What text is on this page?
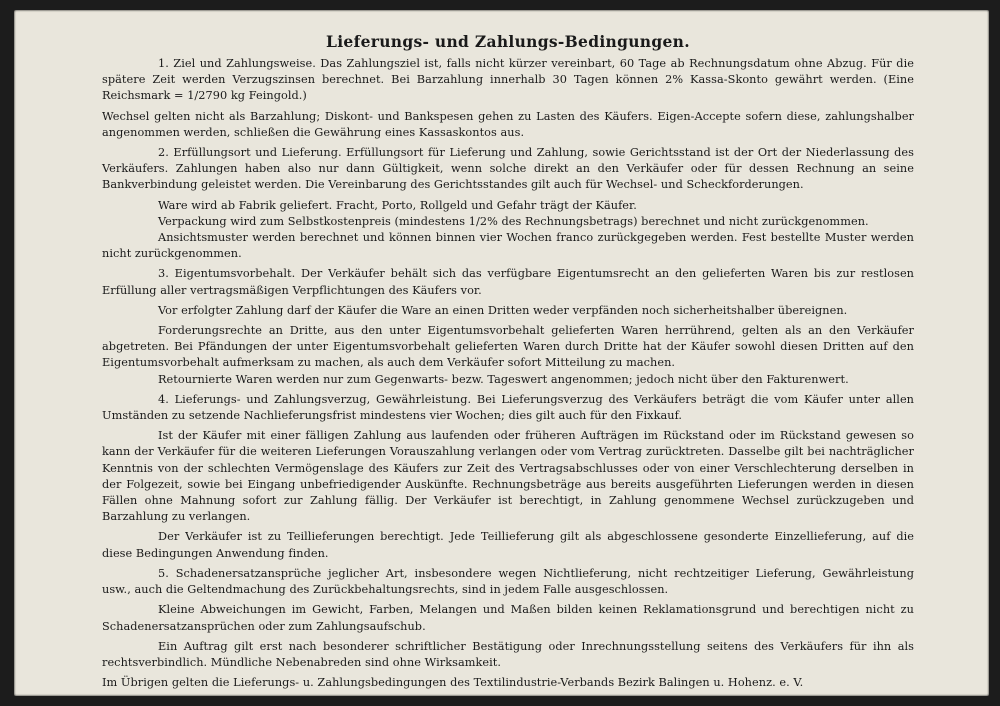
Lieferungs- und Zahlungs-Bedingungen.

1. Ziel und Zahlungsweise. Das Zahlungsziel ist, falls nicht kürzer vereinbart, 60 Tage ab Rechnungsdatum ohne Abzug. Für die spätere Zeit werden Verzugszinsen berechnet. Bei Barzahlung innerhalb 30 Tagen können 2% Kassa-Skonto gewährt werden. (Eine Reichsmark = 1/2790 kg Feingold.)

Wechsel gelten nicht als Barzahlung; Diskont- und Bankspesen gehen zu Lasten des Käufers. Eigen-Accepte sofern diese, zahlungshalber angenommen werden, schließen die Gewährung eines Kassaskontos aus.

2. Erfüllungsort und Lieferung. Erfüllungsort für Lieferung und Zahlung, sowie Gerichtsstand ist der Ort der Niederlassung des Verkäufers. Zahlungen haben also nur dann Gültigkeit, wenn solche direkt an den Verkäufer oder für dessen Rechnung an seine Bankverbindung geleistet werden. Die Vereinbarung des Gerichtsstandes gilt auch für Wechsel- und Scheckforderungen.

Ware wird ab Fabrik geliefert. Fracht, Porto, Rollgeld und Gefahr trägt der Käufer.

Verpackung wird zum Selbstkostenpreis (mindestens 1/2% des Rechnungsbetrags) berechnet und nicht zurückgenommen.

Ansichtsmuster werden berechnet und können binnen vier Wochen franco zurückgegeben werden. Fest bestellte Muster werden nicht zurückgenommen.

3. Eigentumsvorbehalt. Der Verkäufer behält sich das verfügbare Eigentumsrecht an den gelieferten Waren bis zur restlosen Erfüllung aller vertragsmäßigen Verpflichtungen des Käufers vor.

Vor erfolgter Zahlung darf der Käufer die Ware an einen Dritten weder verpfänden noch sicherheitshalber übereignen.

Forderungsrechte an Dritte, aus den unter Eigentumsvorbehalt gelieferten Waren herrührend, gelten als an den Verkäufer abgetreten. Bei Pfändungen der unter Eigentumsvorbehalt gelieferten Waren durch Dritte hat der Käufer sowohl diesen Dritten auf den Eigentumsvorbehalt aufmerksam zu machen, als auch dem Verkäufer sofort Mitteilung zu machen.

Retournierte Waren werden nur zum Gegenwarts- bezw. Tageswert angenommen; jedoch nicht über den Fakturenwert.

4. Lieferungs- und Zahlungsverzug, Gewährleistung. Bei Lieferungsverzug des Verkäufers beträgt die vom Käufer unter allen Umständen zu setzende Nachlieferungsfrist mindestens vier Wochen; dies gilt auch für den Fixkauf.

Ist der Käufer mit einer fälligen Zahlung aus laufenden oder früheren Aufträgen im Rückstand oder im Rückstand gewesen so kann der Verkäufer für die weiteren Lieferungen Vorauszahlung verlangen oder vom Vertrag zurücktreten. Dasselbe gilt bei nachträglicher Kenntnis von der schlechten Vermögenslage des Käufers zur Zeit des Vertragsabschlusses oder von einer Verschlechterung derselben in der Folgezeit, sowie bei Eingang unbefriedigender Auskünfte. Rechnungsbeträge aus bereits ausgeführten Lieferungen werden in diesen Fällen ohne Mahnung sofort zur Zahlung fällig. Der Verkäufer ist berechtigt, in Zahlung genommene Wechsel zurückzugeben und Barzahlung zu verlangen.

Der Verkäufer ist zu Teillieferungen berechtigt. Jede Teillieferung gilt als abgeschlossene gesonderte Einzellieferung, auf die diese Bedingungen Anwendung finden.

5. Schadenersatzansprüche jeglicher Art, insbesondere wegen Nichtlieferung, nicht rechtzeitiger Lieferung, Gewährleistung usw., auch die Geltendmachung des Zurückbehaltungsrechts, sind in jedem Falle ausgeschlossen.

Kleine Abweichungen im Gewicht, Farben, Melangen und Maßen bilden keinen Reklamationsgrund und berechtigen nicht zu Schadenersatzansprüchen oder zum Zahlungsaufschub.

Ein Auftrag gilt erst nach besonderer schriftlicher Bestätigung oder Inrechnungsstellung seitens des Verkäufers für ihn als rechtsverbindlich. Mündliche Nebenabreden sind ohne Wirksamkeit.

Im Übrigen gelten die Lieferungs- u. Zahlungsbedingungen des Textilindustrie-Verbands Bezirk Balingen u. Hohenz. e. V.
